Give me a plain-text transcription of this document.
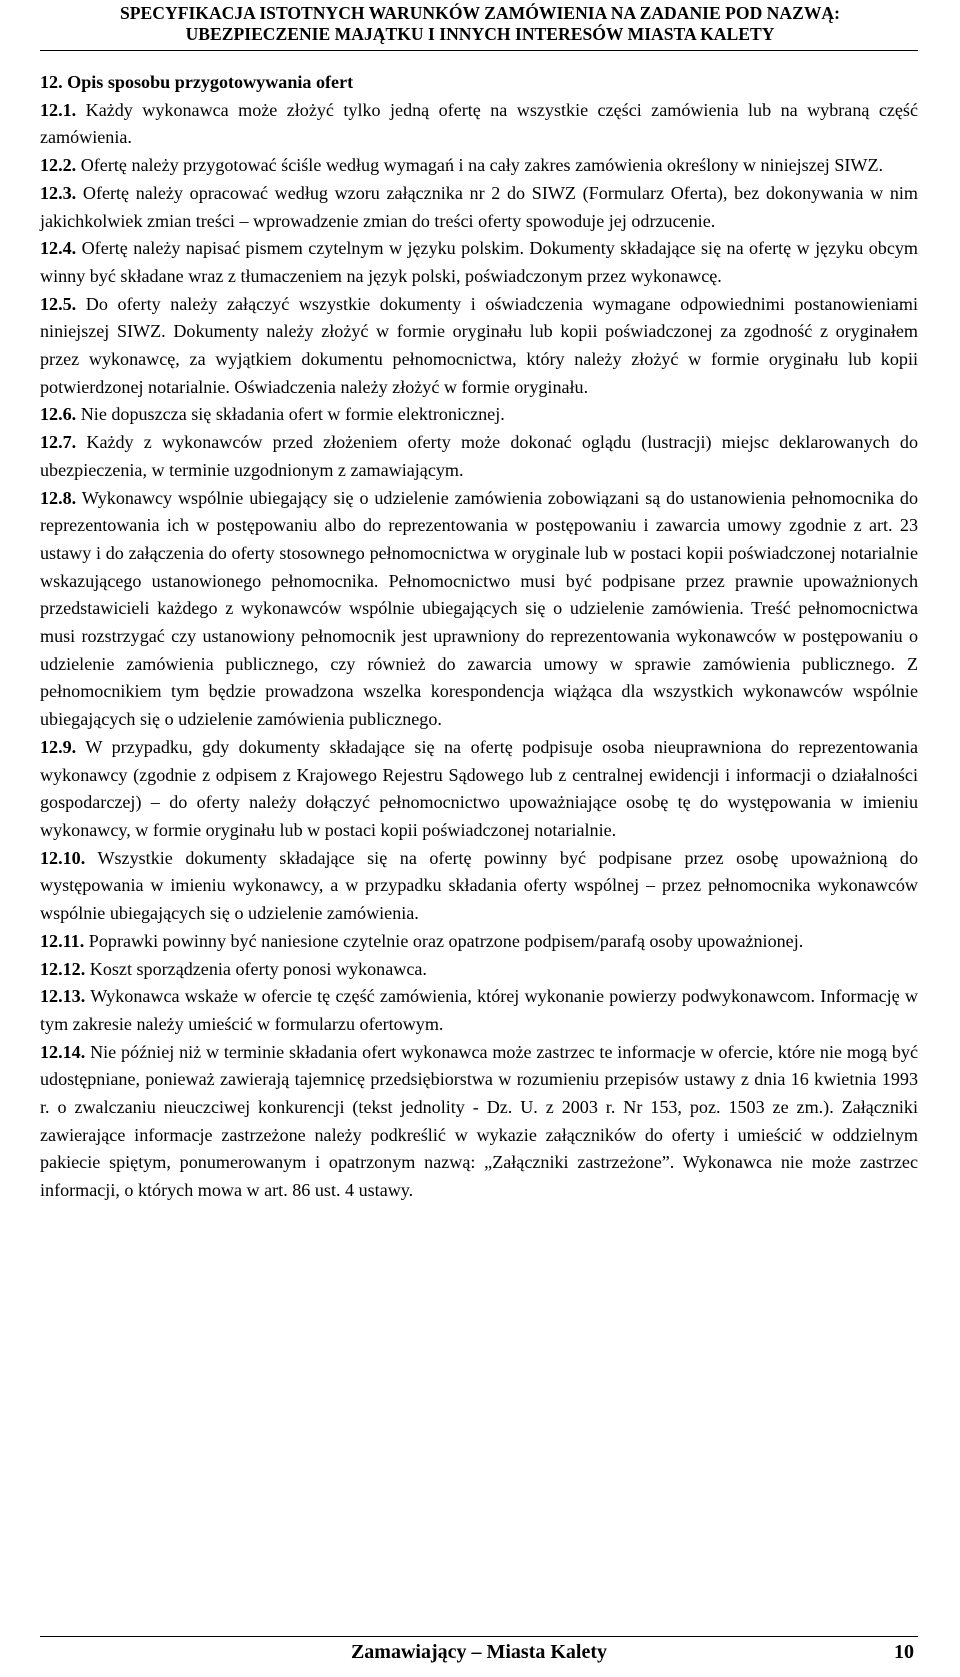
SPECYFIKACJA ISTOTNYCH WARUNKÓW ZAMÓWIENIA NA ZADANIE POD NAZWĄ:
UBEZPIECZENIE MAJĄTKU I INNYCH INTERESÓW MIASTA KALETY

12. Opis sposobu przygotowywania ofert

12.1. Każdy wykonawca może złożyć tylko jedną ofertę na wszystkie części zamówienia lub na wybraną część zamówienia.

12.2. Ofertę należy przygotować ściśle według wymagań i na cały zakres zamówienia określony w niniejszej SIWZ.

12.3. Ofertę należy opracować według wzoru załącznika nr 2 do SIWZ (Formularz Oferta), bez dokonywania w nim jakichkolwiek zmian treści – wprowadzenie zmian do treści oferty spowoduje jej odrzucenie.

12.4. Ofertę należy napisać pismem czytelnym w języku polskim. Dokumenty składające się na ofertę w języku obcym winny być składane wraz z tłumaczeniem na język polski, poświadczonym przez wykonawcę.

12.5. Do oferty należy załączyć wszystkie dokumenty i oświadczenia wymagane odpowiednimi postanowieniami niniejszej SIWZ. Dokumenty należy złożyć w formie oryginału lub kopii poświadczonej za zgodność z oryginałem przez wykonawcę, za wyjątkiem dokumentu pełnomocnictwa, który należy złożyć w formie oryginału lub kopii potwierdzonej notarialnie. Oświadczenia należy złożyć w formie oryginału.

12.6. Nie dopuszcza się składania ofert w formie elektronicznej.

12.7. Każdy z wykonawców przed złożeniem oferty może dokonać oglądu (lustracji) miejsc deklarowanych do ubezpieczenia, w terminie uzgodnionym z zamawiającym.

12.8. Wykonawcy wspólnie ubiegający się o udzielenie zamówienia zobowiązani są do ustanowienia pełnomocnika do reprezentowania ich w postępowaniu albo do reprezentowania w postępowaniu i zawarcia umowy zgodnie z art. 23 ustawy i do załączenia do oferty stosownego pełnomocnictwa w oryginale lub w postaci kopii poświadczonej notarialnie wskazującego ustanowionego pełnomocnika. Pełnomocnictwo musi być podpisane przez prawnie upoważnionych przedstawicieli każdego z wykonawców wspólnie ubiegających się o udzielenie zamówienia. Treść pełnomocnictwa musi rozstrzygać czy ustanowiony pełnomocnik jest uprawniony do reprezentowania wykonawców w postępowaniu o udzielenie zamówienia publicznego, czy również do zawarcia umowy w sprawie zamówienia publicznego. Z pełnomocnikiem tym będzie prowadzona wszelka korespondencja wiążąca dla wszystkich wykonawców wspólnie ubiegających się o udzielenie zamówienia publicznego.

12.9. W przypadku, gdy dokumenty składające się na ofertę podpisuje osoba nieuprawniona do reprezentowania wykonawcy (zgodnie z odpisem z Krajowego Rejestru Sądowego lub z centralnej ewidencji i informacji o działalności gospodarczej) – do oferty należy dołączyć pełnomocnictwo upoważniające osobę tę do występowania w imieniu wykonawcy, w formie oryginału lub w postaci kopii poświadczonej notarialnie.

12.10. Wszystkie dokumenty składające się na ofertę powinny być podpisane przez osobę upoważnioną do występowania w imieniu wykonawcy, a w przypadku składania oferty wspólnej – przez pełnomocnika wykonawców wspólnie ubiegających się o udzielenie zamówienia.

12.11. Poprawki powinny być naniesione czytelnie oraz opatrzone podpisem/parafą osoby upoważnionej.

12.12. Koszt sporządzenia oferty ponosi wykonawca.

12.13. Wykonawca wskaże w ofercie tę część zamówienia, której wykonanie powierzy podwykonawcom. Informację w tym zakresie należy umieścić w formularzu ofertowym.

12.14. Nie później niż w terminie składania ofert wykonawca może zastrzec te informacje w ofercie, które nie mogą być udostępniane, ponieważ zawierają tajemnicę przedsiębiorstwa w rozumieniu przepisów ustawy z dnia 16 kwietnia 1993 r. o zwalczaniu nieuczciwej konkurencji (tekst jednolity - Dz. U. z 2003 r. Nr 153, poz. 1503 ze zm.). Załączniki zawierające informacje zastrzeżone należy podkreślić w wykazie załączników do oferty i umieścić w oddzielnym pakiecie spiętym, ponumerowanym i opatrzonym nazwą: „Załączniki zastrzeżone”. Wykonawca nie może zastrzec informacji, o których mowa w art. 86 ust. 4 ustawy.

Zamawiający – Miasta Kalety	10
